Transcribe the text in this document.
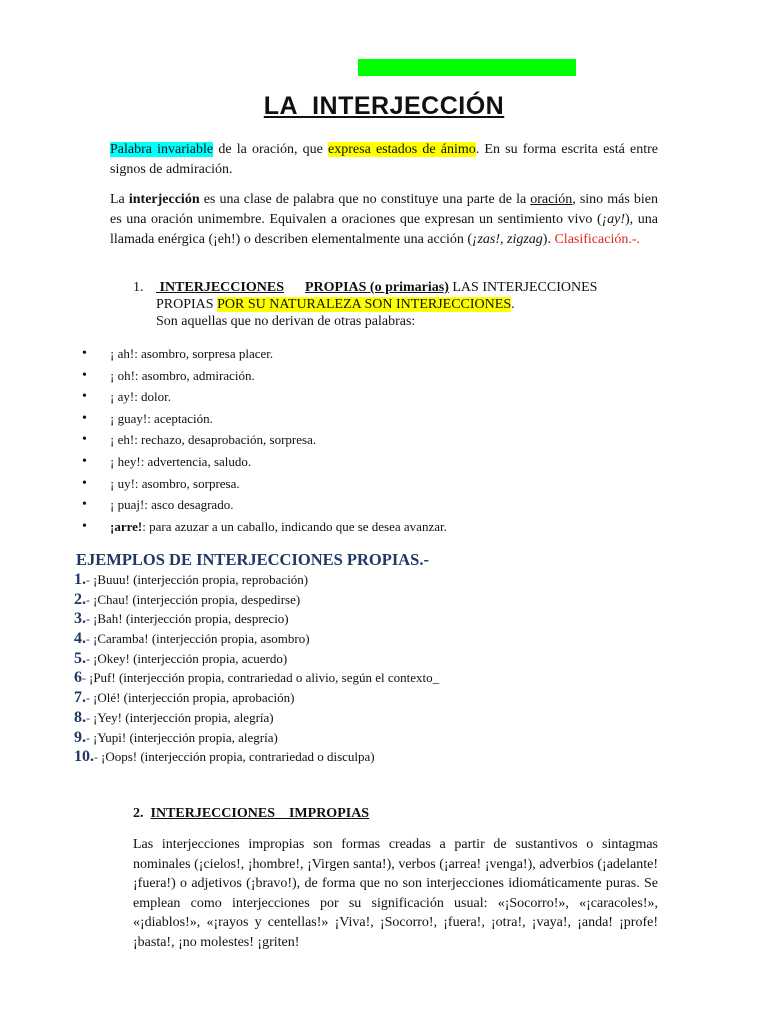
LA  INTERJECCIÓN
Palabra invariable de la oración, que expresa estados de ánimo. En su forma escrita está entre signos de admiración.
La interjección es una clase de palabra que no constituye una parte de la oración, sino más bien es una oración unimembre. Equivalen a oraciones que expresan un sentimiento vivo (¡ay!), una llamada enérgica (¡eh!) o describen elementalmente una acción (¡zas!, zigzag). Clasificación.-.
1. INTERJECCIONES PROPIAS (o primarias) LAS INTERJECCIONES
PROPIAS POR SU NATURALEZA SON INTERJECCIONES.
Son aquellas que no derivan de otras palabras:
• ¡ ah!: asombro, sorpresa placer.
• ¡ oh!: asombro, admiración.
• ¡ ay!: dolor.
• ¡ guay!: aceptación.
• ¡ eh!: rechazo, desaprobación, sorpresa.
• ¡ hey!: advertencia, saludo.
• ¡ uy!: asombro, sorpresa.
• ¡ puaj!: asco desagrado.
• ¡arre!: para azuzar a un caballo, indicando que se desea avanzar.
EJEMPLOS DE INTERJECCIONES PROPIAS.-
1.- ¡Buuu! (interjección propia, reprobación)
2.- ¡Chau! (interjección propia, despedirse)
3.- ¡Bah! (interjección propia, desprecio)
4.- ¡Caramba! (interjección propia, asombro)
5.- ¡Okey! (interjección propia, acuerdo)
6- ¡Puf! (interjección propia, contrariedad o alivio, según el contexto_
7.- ¡Olé! (interjección propia, aprobación)
8.- ¡Yey! (interjección propia, alegría)
9.- ¡Yupi! (interjección propia, alegría)
10.- ¡Oops! (interjección propia, contrariedad o disculpa)
2. INTERJECCIONES IMPROPIAS
Las interjecciones impropias son formas creadas a partir de sustantivos o sintagmas nominales (¡cielos!, ¡hombre!, ¡Virgen santa!), verbos (¡arrea! ¡venga!), adverbios (¡adelante! ¡fuera!) o adjetivos (¡bravo!), de forma que no son interjecciones idiomáticamente puras. Se emplean como interjecciones por su significación usual: «¡Socorro!», «¡caracoles!», «¡diablos!», «¡rayos y centellas!» ¡Viva!, ¡Socorro!, ¡fuera!, ¡otra!, ¡vaya!, ¡anda! ¡profe! ¡basta!, ¡no molestes! ¡griten!
